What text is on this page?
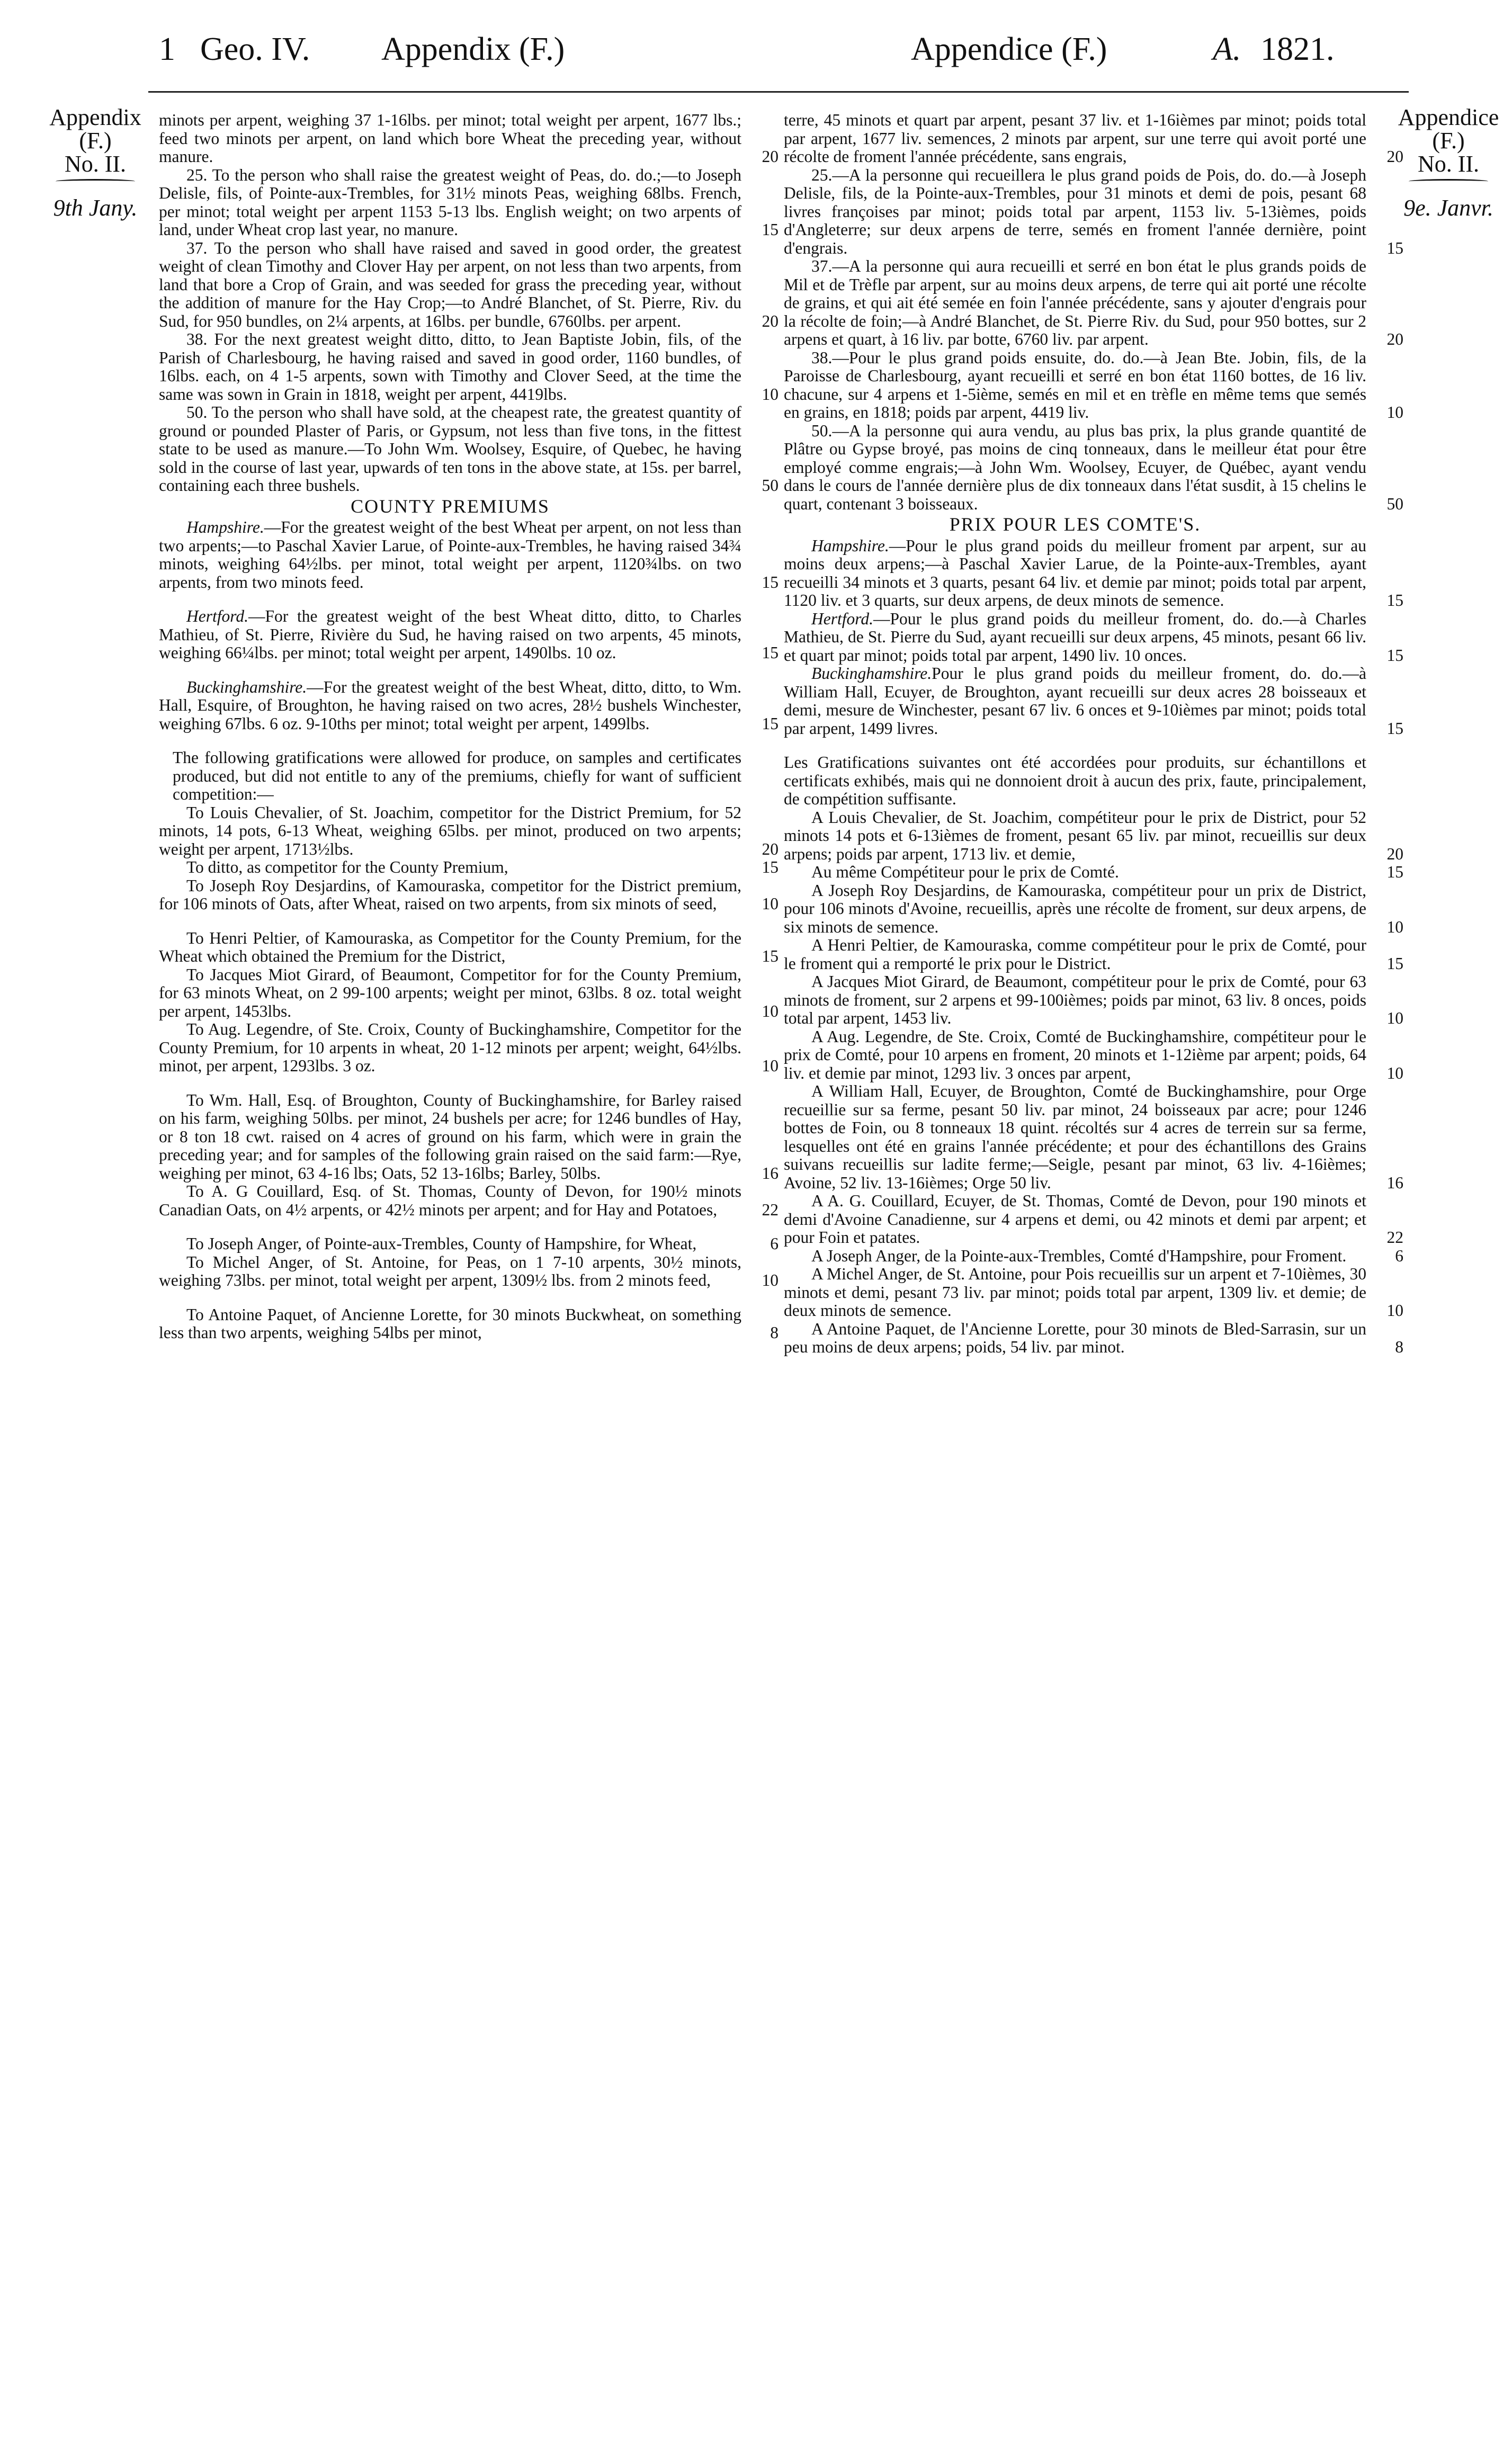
1 Geo. IV. Appendix (F.)	Appendice (F.)	A. 1821.
Appendix
(F.)
No. II.
9th Jany.
Appendice
(F.)
No. II.
9e. Janvr.

minots per arpent, weighing 37 1-16lbs. per minot; total weight per arpent, 1677 lbs.; feed two minots per arpent, on land which bore Wheat the preceding year, without manure.	20

25. To the person who shall raise the greatest weight of Peas, do. do.;—to Joseph Delisle, fils, of Pointe-aux-Trembles, for 31½ minots Peas, weighing 68lbs. French, per minot; total weight per arpent 1153 5-13 lbs. English weight; on two arpents of land, under Wheat crop last year, no manure.	15

37. To the person who shall have raised and saved in good order, the greatest weight of clean Timothy and Clover Hay per arpent, on not less than two arpents, from land that bore a Crop of Grain, and was seeded for grass the preceding year, without the addition of manure for the Hay Crop;—to André Blanchet, of St. Pierre, Riv. du Sud, for 950 bundles, on 2¼ arpents, at 16lbs. per bundle, 6760lbs. per arpent.	20

38. For the next greatest weight ditto, ditto, to Jean Baptiste Jobin, fils, of the Parish of Charlesbourg, he having raised and saved in good order, 1160 bundles, of 16lbs. each, on 4 1-5 arpents, sown with Timothy and Clover Seed, at the time the same was sown in Grain in 1818, weight per arpent, 4419lbs.	10

50. To the person who shall have sold, at the cheapest rate, the greatest quantity of ground or pounded Plaster of Paris, or Gypsum, not less than five tons, in the fittest state to be used as manure.—To John Wm. Woolsey, Esquire, of Quebec, he having sold in the course of last year, upwards of ten tons in the above state, at 15s. per barrel, containing each three bushels.	50

COUNTY PREMIUMS

Hampshire.—For the greatest weight of the best Wheat per arpent, on not less than two arpents;—to Paschal Xavier Larue, of Pointe-aux-Trembles, he having raised 34¾ minots, weighing 64½lbs. per minot, total weight per arpent, 1120¾lbs. on two arpents, from two minots feed.	15

Hertford.—For the greatest weight of the best Wheat ditto, ditto, to Charles Mathieu, of St. Pierre, Rivière du Sud, he having raised on two arpents, 45 minots, weighing 66¼lbs. per minot; total weight per arpent, 1490lbs. 10 oz.	15

Buckinghamshire.—For the greatest weight of the best Wheat, ditto, ditto, to Wm. Hall, Esquire, of Broughton, he having raised on two acres, 28½ bushels Winchester, weighing 67lbs. 6 oz. 9-10ths per minot; total weight per arpent, 1499lbs.	15

The following gratifications were allowed for produce, on samples and certificates produced, but did not entitle to any of the premiums, chiefly for want of sufficient competition:—

To Louis Chevalier, of St. Joachim, competitor for the District Premium, for 52 minots, 14 pots, 6-13 Wheat, weighing 65lbs. per minot, produced on two arpents; weight per arpent, 1713½lbs.	20

To ditto, as competitor for the County Premium,	15

To Joseph Roy Desjardins, of Kamouraska, competitor for the District premium, for 106 minots of Oats, after Wheat, raised on two arpents, from six minots of seed,	10

To Henri Peltier, of Kamouraska, as Competitor for the County Premium, for the Wheat which obtained the Premium for the District,	15

To Jacques Miot Girard, of Beaumont, Competitor for for the County Premium, for 63 minots Wheat, on 2 99-100 arpents; weight per minot, 63lbs. 8 oz. total weight per arpent, 1453lbs.	10

To Aug. Legendre, of Ste. Croix, County of Buckinghamshire, Competitor for the County Premium, for 10 arpents in wheat, 20 1-12 minots per arpent; weight, 64½lbs. minot, per arpent, 1293lbs. 3 oz.	10

To Wm. Hall, Esq. of Broughton, County of Buckinghamshire, for Barley raised on his farm, weighing 50lbs. per minot, 24 bushels per acre; for 1246 bundles of Hay, or 8 ton 18 cwt. raised on 4 acres of ground on his farm, which were in grain the preceding year; and for samples of the following grain raised on the said farm:—Rye, weighing per minot, 63 4-16 lbs; Oats, 52 13-16lbs; Barley, 50lbs.	16

To A. G Couillard, Esq. of St. Thomas, County of Devon, for 190½ minots Canadian Oats, on 4½ arpents, or 42½ minots per arpent; and for Hay and Potatoes,	22

To Joseph Anger, of Pointe-aux-Trembles, County of Hampshire, for Wheat,	6

To Michel Anger, of St. Antoine, for Peas, on 1 7-10 arpents, 30½ minots, weighing 73lbs. per minot, total weight per arpent, 1309½ lbs. from 2 minots feed,	10

To Antoine Paquet, of Ancienne Lorette, for 30 minots Buckwheat, on something less than two arpents, weighing 54lbs per minot,	8

terre, 45 minots et quart par arpent, pesant 37 liv. et 1-16ièmes par minot; poids total par arpent, 1677 liv. semences, 2 minots par arpent, sur une terre qui avoit porté une récolte de froment l'année précédente, sans engrais,	20

25.—A la personne qui recueillera le plus grand poids de Pois, do. do.—à Joseph Delisle, fils, de la Pointe-aux-Trembles, pour 31 minots et demi de pois, pesant 68 livres françoises par minot; poids total par arpent, 1153 liv. 5-13ièmes, poids d'Angleterre; sur deux arpens de terre, semés en froment l'année dernière, point d'engrais.	15

37.—A la personne qui aura recueilli et serré en bon état le plus grands poids de Mil et de Trèfle par arpent, sur au moins deux arpens, de terre qui ait porté une récolte de grains, et qui ait été semée en foin l'année précédente, sans y ajouter d'engrais pour la récolte de foin;—à André Blanchet, de St. Pierre Riv. du Sud, pour 950 bottes, sur 2 arpens et quart, à 16 liv. par botte, 6760 liv. par arpent.	20

38.—Pour le plus grand poids ensuite, do. do.—à Jean Bte. Jobin, fils, de la Paroisse de Charlesbourg, ayant recueilli et serré en bon état 1160 bottes, de 16 liv. chacune, sur 4 arpens et 1-5ième, semés en mil et en trèfle en même tems que semés en grains, en 1818; poids par arpent, 4419 liv.	10

50.—A la personne qui aura vendu, au plus bas prix, la plus grande quantité de Plâtre ou Gypse broyé, pas moins de cinq tonneaux, dans le meilleur état pour être employé comme engrais;—à John Wm. Woolsey, Ecuyer, de Québec, ayant vendu dans le cours de l'année dernière plus de dix tonneaux dans l'état susdit, à 15 chelins le quart, contenant 3 boisseaux.	50

PRIX POUR LES COMTE'S.

Hampshire.—Pour le plus grand poids du meilleur froment par arpent, sur au moins deux arpens;—à Paschal Xavier Larue, de la Pointe-aux-Trembles, ayant recueilli 34 minots et 3 quarts, pesant 64 liv. et demie par minot; poids total par arpent, 1120 liv. et 3 quarts, sur deux arpens, de deux minots de semence.	15

Hertford.—Pour le plus grand poids du meilleur froment, do. do.—à Charles Mathieu, de St. Pierre du Sud, ayant recueilli sur deux arpens, 45 minots, pesant 66 liv. et quart par minot; poids total par arpent, 1490 liv. 10 onces.	15

Buckinghamshire.Pour le plus grand poids du meilleur froment, do. do.—à William Hall, Ecuyer, de Broughton, ayant recueilli sur deux acres 28 boisseaux et demi, mesure de Winchester, pesant 67 liv. 6 onces et 9-10ièmes par minot; poids total par arpent, 1499 livres.	15

Les Gratifications suivantes ont été accordées pour produits, sur échantillons et certificats exhibés, mais qui ne donnoient droit à aucun des prix, faute, principalement, de compétition suffisante.

A Louis Chevalier, de St. Joachim, compétiteur pour le prix de District, pour 52 minots 14 pots et 6-13ièmes de froment, pesant 65 liv. par minot, recueillis sur deux arpens; poids par arpent, 1713 liv. et demie,	20

Au même Compétiteur pour le prix de Comté.	15

A Joseph Roy Desjardins, de Kamouraska, compétiteur pour un prix de District, pour 106 minots d'Avoine, recueillis, après une récolte de froment, sur deux arpens, de six minots de semence.	10

A Henri Peltier, de Kamouraska, comme compétiteur pour le prix de Comté, pour le froment qui a remporté le prix pour le District.	15

A Jacques Miot Girard, de Beaumont, compétiteur pour le prix de Comté, pour 63 minots de froment, sur 2 arpens et 99-100ièmes; poids par minot, 63 liv. 8 onces, poids total par arpent, 1453 liv.	10

A Aug. Legendre, de Ste. Croix, Comté de Buckinghamshire, compétiteur pour le prix de Comté, pour 10 arpens en froment, 20 minots et 1-12ième par arpent; poids, 64 liv. et demie par minot, 1293 liv. 3 onces par arpent,	10

A William Hall, Ecuyer, de Broughton, Comté de Buckinghamshire, pour Orge recueillie sur sa ferme, pesant 50 liv. par minot, 24 boisseaux par acre; pour 1246 bottes de Foin, ou 8 tonneaux 18 quint. récoltés sur 4 acres de terrein sur sa ferme, lesquelles ont été en grains l'année précédente; et pour des échantillons des Grains suivans recueillis sur ladite ferme;—Seigle, pesant par minot, 63 liv. 4-16ièmes; Avoine, 52 liv. 13-16ièmes; Orge 50 liv.	16

A A. G. Couillard, Ecuyer, de St. Thomas, Comté de Devon, pour 190 minots et demi d'Avoine Canadienne, sur 4 arpens et demi, ou 42 minots et demi par arpent; et pour Foin et patates.	22

A Joseph Anger, de la Pointe-aux-Trembles, Comté d'Hampshire, pour Froment.	6

A Michel Anger, de St. Antoine, pour Pois recueillis sur un arpent et 7-10ièmes, 30 minots et demi, pesant 73 liv. par minot; poids total par arpent, 1309 liv. et demie; de deux minots de semence.	10

A Antoine Paquet, de l'Ancienne Lorette, pour 30 minots de Bled-Sarrasin, sur un peu moins de deux arpens; poids, 54 liv. par minot.	8
